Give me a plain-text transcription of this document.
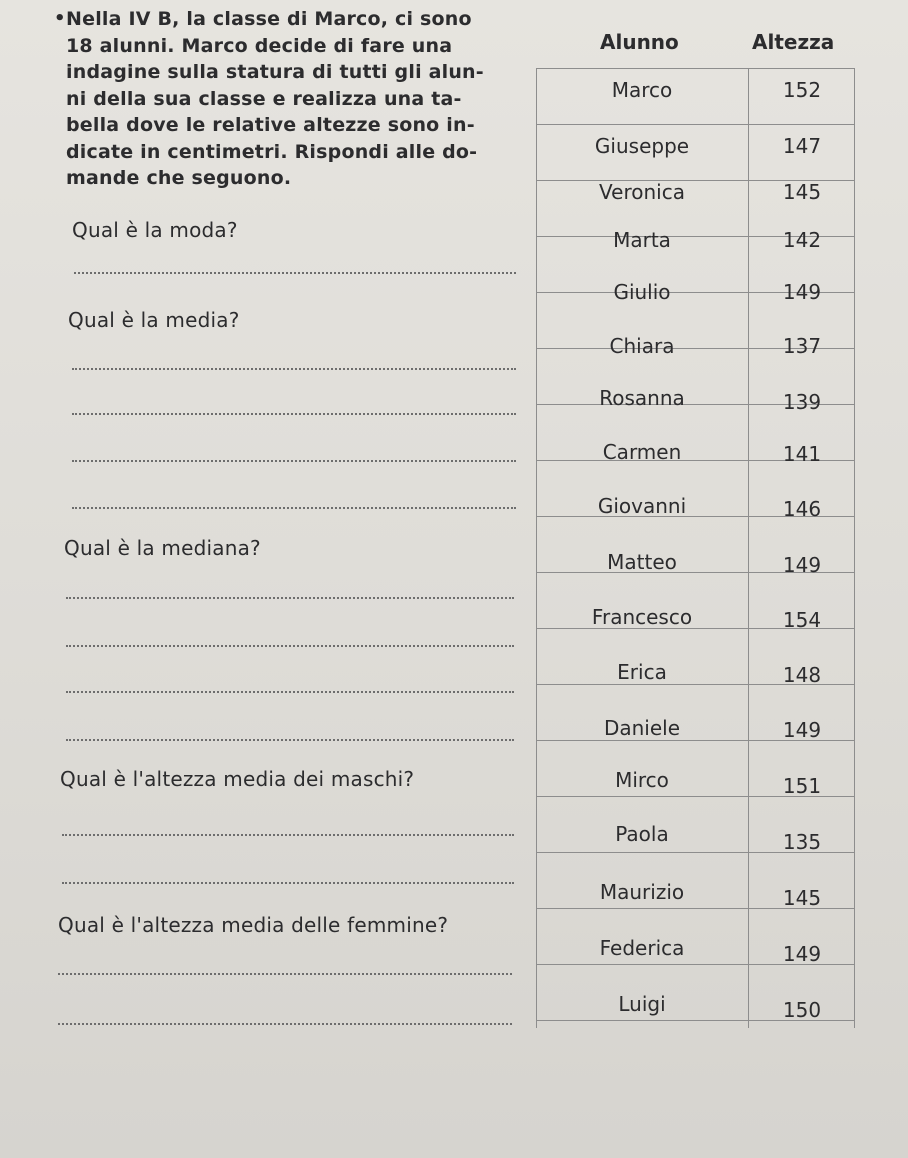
• Nella IV B, la classe di Marco, ci sono
18 alunni. Marco decide di fare una
indagine sulla statura di tutti gli alun-
ni della sua classe e realizza una ta-
bella dove le relative altezze sono in-
dicate in centimetri. Rispondi alle do-
mande che seguono.
Qual è la moda?
Qual è la media?
Qual è la mediana?
Qual è l'altezza media dei maschi?
Qual è l'altezza media delle femmine?
Alunno	Altezza
Marco	152
Giuseppe	147
Veronica	145
Marta	142
Giulio	149
Chiara	137
Rosanna	139
Carmen	141
Giovanni	146
Matteo	149
Francesco	154
Erica	148
Daniele	149
Mirco	151
Paola	135
Maurizio	145
Federica	149
Luigi	150
